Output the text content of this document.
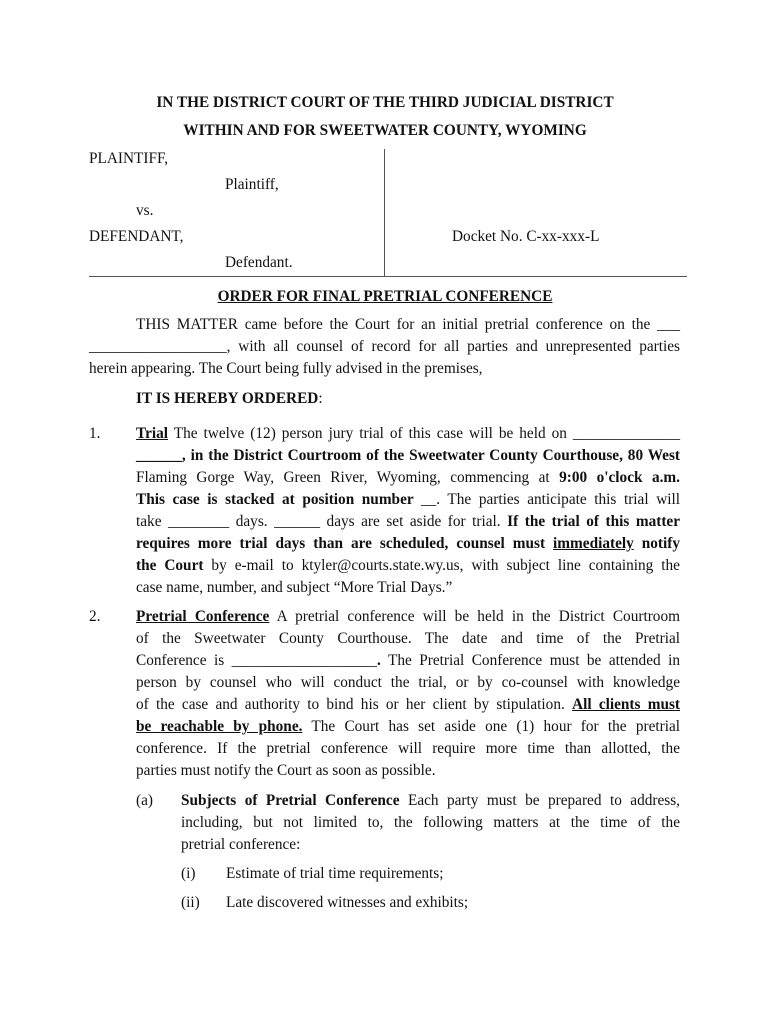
IN THE DISTRICT COURT OF THE THIRD JUDICIAL DISTRICT
WITHIN AND FOR SWEETWATER COUNTY, WYOMING
PLAINTIFF,
Plaintiff,
vs.
DEFENDANT,
Defendant.
Docket No. C-xx-xxx-L
ORDER FOR FINAL PRETRIAL CONFERENCE
THIS MATTER came before the Court for an initial pretrial conference on the ___
__________________, with all counsel of record for all parties and unrepresented parties
herein appearing. The Court being fully advised in the premises,
IT IS HEREBY ORDERED:
1. Trial The twelve (12) person jury trial of this case will be held on ______________
______, in the District Courtroom of the Sweetwater County Courthouse, 80 West
Flaming Gorge Way, Green River, Wyoming, commencing at 9:00 o'clock a.m.
This case is stacked at position number __. The parties anticipate this trial will
take ________ days. ______ days are set aside for trial. If the trial of this matter
requires more trial days than are scheduled, counsel must immediately notify
the Court by e-mail to ktyler@courts.state.wy.us, with subject line containing the
case name, number, and subject “More Trial Days.”
2. Pretrial Conference A pretrial conference will be held in the District Courtroom
of the Sweetwater County Courthouse. The date and time of the Pretrial
Conference is ___________________. The Pretrial Conference must be attended in
person by counsel who will conduct the trial, or by co-counsel with knowledge
of the case and authority to bind his or her client by stipulation. All clients must
be reachable by phone. The Court has set aside one (1) hour for the pretrial
conference. If the pretrial conference will require more time than allotted, the
parties must notify the Court as soon as possible.
(a) Subjects of Pretrial Conference Each party must be prepared to address,
including, but not limited to, the following matters at the time of the
pretrial conference:
(i) Estimate of trial time requirements;
(ii) Late discovered witnesses and exhibits;
